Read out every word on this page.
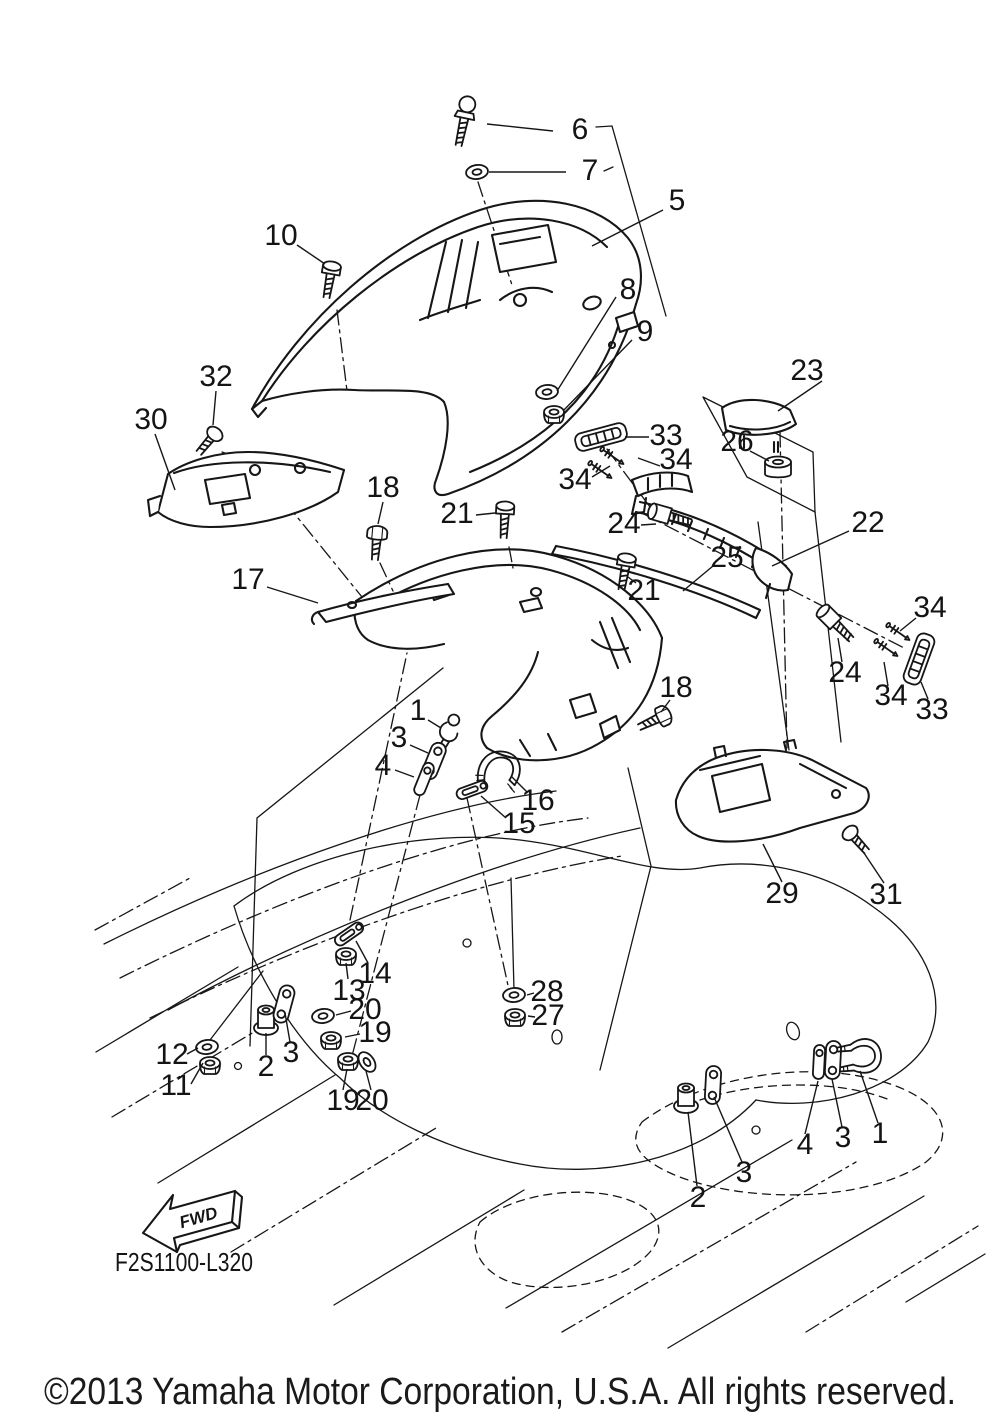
FWD
6
7
5
10
8
9
32
30
23
26
33
34
34
24	22
25
21
21
18
18
17
34
24
34 33
1
3
4
16
15
29 31
14
13
20
19
12
11
2 3
19
20
28
27
2
3
4 3 1
F2S1100-L320
©2013 Yamaha Motor Corporation, U.S.A. All rights reserved.
